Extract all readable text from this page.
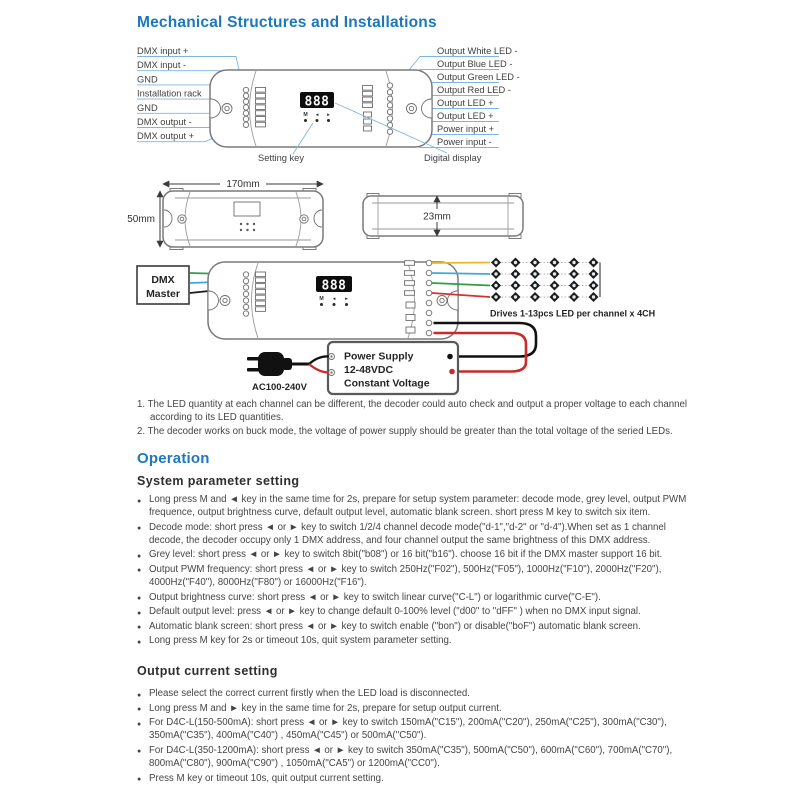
Mechanical Structures and Installations
DMX input +
DMX input -
GND
Installation rack
GND
DMX output -
DMX output +
Output White LED -
Output Blue LED -
Output Green LED -
Output Red LED -
Output LED +
Output LED +
Power input +
Power input -
888
M ◄ ►
Setting key	Digital display
170mm
50mm	23mm
DMX
Master
888
M ◄ ►
Drives 1-13pcs LED per channel x 4CH
Power Supply
12-48VDC
Constant Voltage
AC100-240V
1. The LED quantity at each channel can be different, the decoder could auto check and output a proper voltage to each channel according to its LED quantities.
2. The decoder works on buck mode, the voltage of power supply should be greater than the total voltage of the seried LEDs.
Operation
System parameter setting
● Long press M and ◄ key in the same time for 2s, prepare for setup system parameter: decode mode, grey level, output PWM frequence, output brightness curve, default output level, automatic blank screen. short press M key to switch six item.
● Decode mode: short press ◄ or ► key to switch 1/2/4 channel decode mode("d-1","d-2" or "d-4").When set as 1 channel decode, the decoder occupy only 1 DMX address, and four channel output the same brightness of this DMX address.
● Grey level: short press ◄ or ► key to switch 8bit("b08") or 16 bit("b16"). choose 16 bit if the DMX master support 16 bit.
● Output PWM frequency: short press ◄ or ► key to switch 250Hz("F02"), 500Hz("F05"), 1000Hz("F10"), 2000Hz("F20"), 4000Hz("F40"), 8000Hz("F80") or 16000Hz("F16").
● Output brightness curve: short press ◄ or ► key to switch linear curve("C-L") or logarithmic curve("C-E").
● Default output level: press ◄ or ► key to change default 0-100% level ("d00" to "dFF" ) when no DMX input signal.
● Automatic blank screen: short press ◄ or ► key to switch enable ("bon") or disable("boF") automatic blank screen.
● Long press M key for 2s or timeout 10s, quit system parameter setting.
Output current setting
● Please select the correct current firstly when the LED load is disconnected.
● Long press M and ► key in the same time for 2s, prepare for setup output current.
● For D4C-L(150-500mA): short press ◄ or ► key to switch 150mA("C15"), 200mA("C20"), 250mA("C25"), 300mA("C30"), 350mA("C35"), 400mA("C40") , 450mA("C45") or 500mA("C50").
● For D4C-L(350-1200mA): short press ◄ or ► key to switch 350mA("C35"), 500mA("C50"), 600mA("C60"), 700mA("C70"), 800mA("C80"), 900mA("C90") , 1050mA("CA5") or 1200mA("CC0").
● Press M key or timeout 10s, quit output current setting.
